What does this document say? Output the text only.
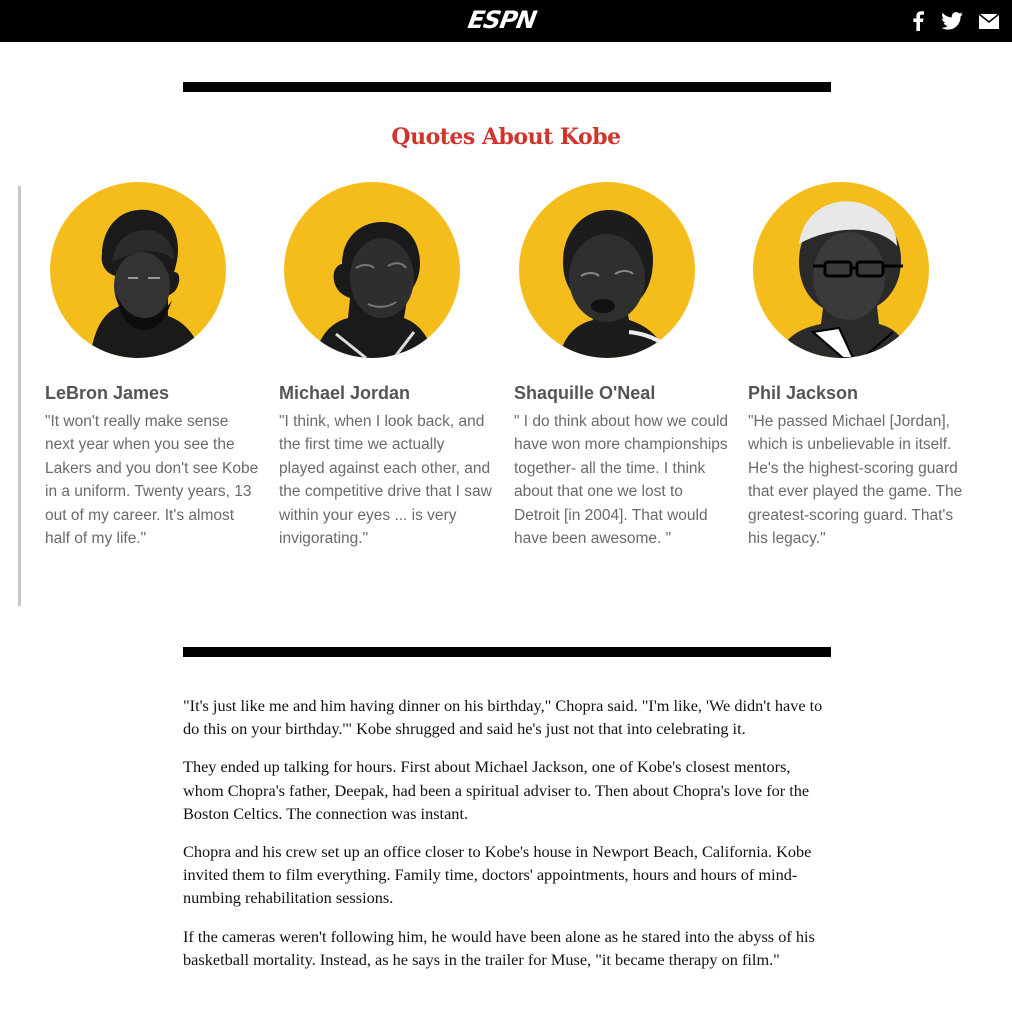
ESPN
Quotes About Kobe
LeBron James
"It won't really make sense next year when you see the Lakers and you don't see Kobe in a uniform. Twenty years, 13 out of my career. It's almost half of my life."
Michael Jordan
"I think, when I look back, and the first time we actually played against each other, and the competitive drive that I saw within your eyes ... is very invigorating."
Shaquille O'Neal
" I do think about how we could have won more championships together- all the time. I think about that one we lost to Detroit [in 2004]. That would have been awesome. "
Phil Jackson
"He passed Michael [Jordan], which is unbelievable in itself. He's the highest-scoring guard that ever played the game. The greatest-scoring guard. That's his legacy."

"It's just like me and him having dinner on his birthday," Chopra said. "I'm like, 'We didn't have to do this on your birthday.'" Kobe shrugged and said he's just not that into celebrating it.

They ended up talking for hours. First about Michael Jackson, one of Kobe's closest mentors, whom Chopra's father, Deepak, had been a spiritual adviser to. Then about Chopra's love for the Boston Celtics. The connection was instant.

Chopra and his crew set up an office closer to Kobe's house in Newport Beach, California. Kobe invited them to film everything. Family time, doctors' appointments, hours and hours of mind-numbing rehabilitation sessions.

If the cameras weren't following him, he would have been alone as he stared into the abyss of his basketball mortality. Instead, as he says in the trailer for Muse, "it became therapy on film."
